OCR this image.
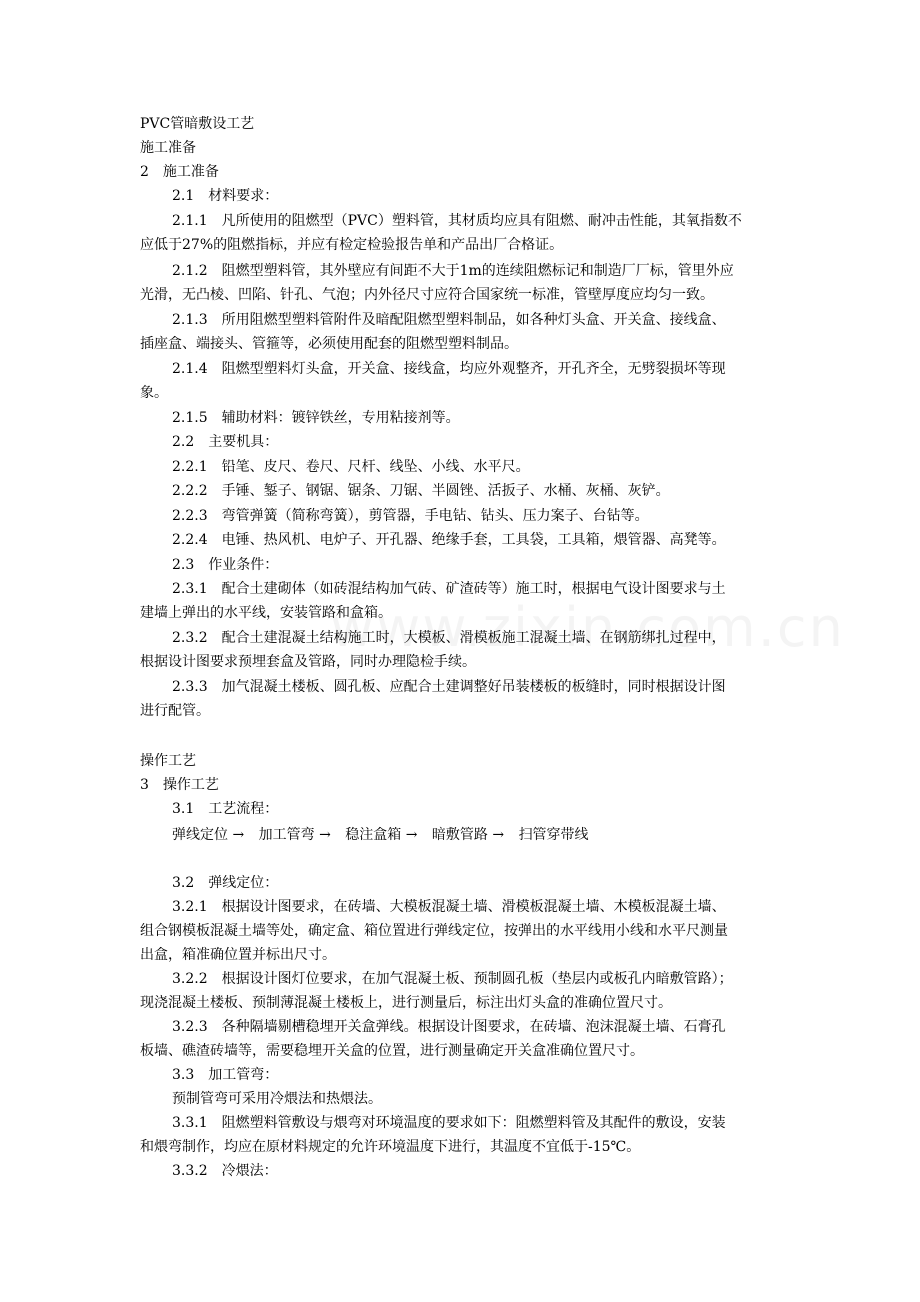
PVC管暗敷设工艺
施工准备
2　施工准备
2.1　材料要求：
2.1.1　凡所使用的阻燃型（PVC）塑料管，其材质均应具有阻燃、耐冲击性能，其氧指数不
应低于27%的阻燃指标，并应有检定检验报告单和产品出厂合格证。
2.1.2　阻燃型塑料管，其外壁应有间距不大于1m的连续阻燃标记和制造厂厂标，管里外应
光滑，无凸棱、凹陷、针孔、气泡；内外径尺寸应符合国家统一标准，管壁厚度应均匀一致。
2.1.3　所用阻燃型塑料管附件及暗配阻燃型塑料制品，如各种灯头盒、开关盒、接线盒、
插座盒、端接头、管箍等，必须使用配套的阻燃型塑料制品。
2.1.4　阻燃型塑料灯头盒，开关盒、接线盒，均应外观整齐，开孔齐全，无劈裂损坏等现
象。
2.1.5　辅助材料：镀锌铁丝，专用粘接剂等。
2.2　主要机具：
2.2.1　铅笔、皮尺、卷尺、尺杆、线坠、小线、水平尺。
2.2.2　手锤、錾子、钢锯、锯条、刀锯、半圆锉、活扳子、水桶、灰桶、灰铲。
2.2.3　弯管弹簧（简称弯簧），剪管器，手电钻、钻头、压力案子、台钻等。
2.2.4　电锤、热风机、电炉子、开孔器、绝缘手套，工具袋，工具箱，煨管器、高凳等。
2.3　作业条件：
2.3.1　配合土建砌体（如砖混结构加气砖、矿渣砖等）施工时，根据电气设计图要求与土
建墙上弹出的水平线，安装管路和盒箱。
2.3.2　配合土建混凝土结构施工时，大模板、滑模板施工混凝土墙、在钢筋绑扎过程中，
根据设计图要求预埋套盒及管路，同时办理隐检手续。
2.3.3　加气混凝土楼板、圆孔板、应配合土建调整好吊装楼板的板缝时，同时根据设计图
进行配管。
操作工艺
3　操作工艺
3.1　工艺流程：
弹线定位 → 加工管弯 → 稳注盒箱 → 暗敷管路 → 扫管穿带线
3.2　弹线定位：
3.2.1　根据设计图要求，在砖墙、大模板混凝土墙、滑模板混凝土墙、木模板混凝土墙、
组合钢模板混凝土墙等处，确定盒、箱位置进行弹线定位，按弹出的水平线用小线和水平尺测量
出盒，箱准确位置并标出尺寸。
3.2.2　根据设计图灯位要求，在加气混凝土板、预制圆孔板（垫层内或板孔内暗敷管路）；
现浇混凝土楼板、预制薄混凝土楼板上，进行测量后，标注出灯头盒的准确位置尺寸。
3.2.3　各种隔墙剔槽稳埋开关盒弹线。根据设计图要求，在砖墙、泡沫混凝土墙、石膏孔
板墙、礁渣砖墙等，需要稳埋开关盒的位置，进行测量确定开关盒准确位置尺寸。
3.3　加工管弯：
预制管弯可采用冷煨法和热煨法。
3.3.1　阻燃塑料管敷设与煨弯对环境温度的要求如下：阻燃塑料管及其配件的敷设，安装
和煨弯制作，均应在原材料规定的允许环境温度下进行，其温度不宜低于-15℃。
3.3.2　冷煨法：
